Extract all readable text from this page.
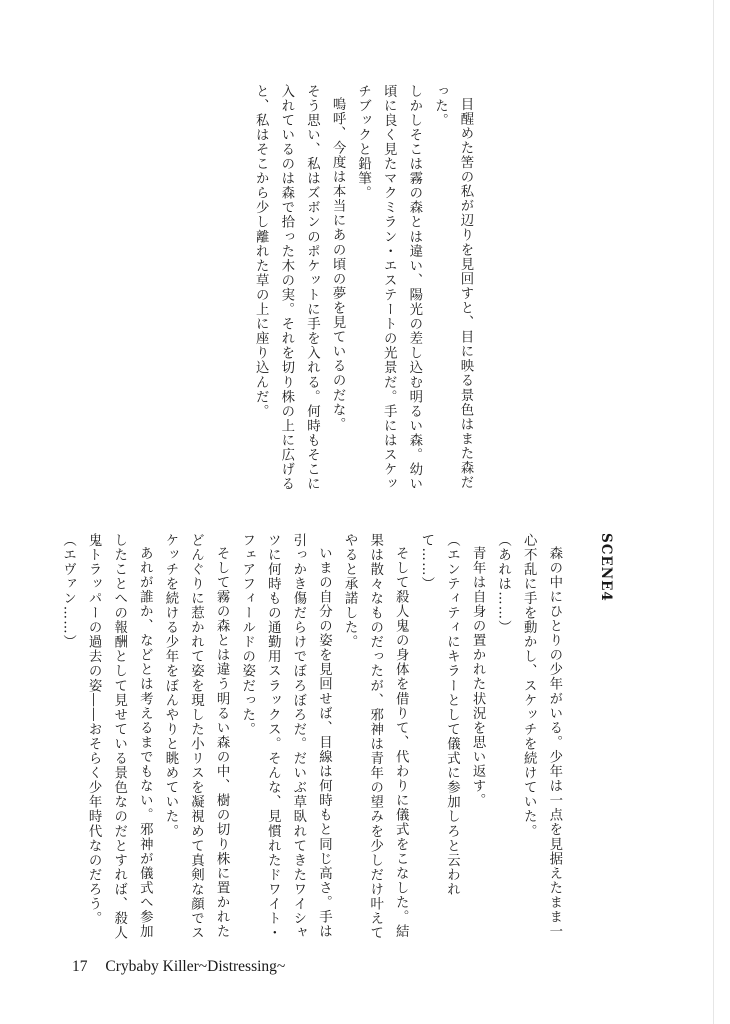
目醒めた筈の私が辺りを見回すと、目に映る景色はまた森だった。

しかしそこは霧の森とは違い、陽光の差し込む明るい森。幼い頃に良く見たマクミラン・エステートの光景だ。手にはスケッチブックと鉛筆。

嗚呼、今度は本当にあの頃の夢を見ているのだな。

そう思い、私はズボンのポケットに手を入れる。何時もそこに入れているのは森で拾った木の実。それを切り株の上に広げると、私はそこから少し離れた草の上に座り込んだ。

SCENE4

森の中にひとりの少年がいる。少年は一点を見据えたまま一心不乱に手を動かし、スケッチを続けていた。

（あれは……）

青年は自身の置かれた状況を思い返す。

（エンティティにキラーとして儀式に参加しろと云われて……）

そして殺人鬼の身体を借りて、代わりに儀式をこなした。結果は散々なものだったが、邪神は青年の望みを少しだけ叶えてやると承諾した。

いまの自分の姿を見回せば、目線は何時もと同じ高さ。手は引っかき傷だらけでぼろぼろだ。だいぶ草臥れてきたワイシャツに何時もの通勤用スラックス。そんな、見慣れたドワイト・フェアフィールドの姿だった。

そして霧の森とは違う明るい森の中、樹の切り株に置かれたどんぐりに惹かれて姿を現した小リスを凝視めて真剣な顔でスケッチを続ける少年をぼんやりと眺めていた。

あれが誰か、などとは考えるまでもない。邪神が儀式へ参加したことへの報酬として見せている景色なのだとすれば、殺人鬼トラッパーの過去の姿――おそらく少年時代なのだろう。

（エヴァン……）

17 Crybaby Killer~Distressing~
